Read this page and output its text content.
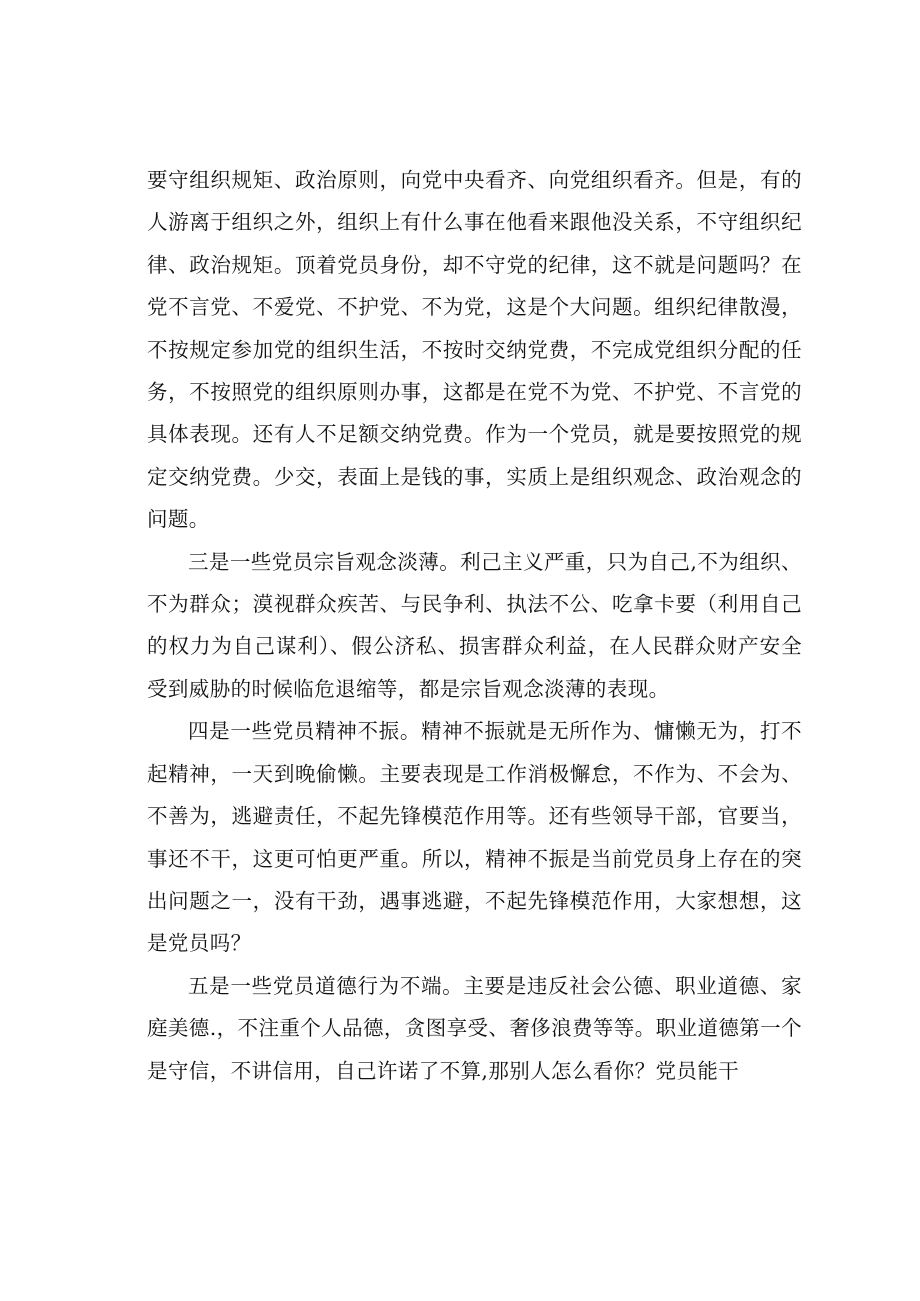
要守组织规矩、政治原则，向党中央看齐、向党组织看齐。但是，有的人游离于组织之外，组织上有什么事在他看来跟他没关系，不守组织纪律、政治规矩。顶着党员身份，却不守党的纪律，这不就是问题吗？在党不言党、不爱党、不护党、不为党，这是个大问题。组织纪律散漫，不按规定参加党的组织生活，不按时交纳党费，不完成党组织分配的任务，不按照党的组织原则办事，这都是在党不为党、不护党、不言党的具体表现。还有人不足额交纳党费。作为一个党员，就是要按照党的规定交纳党费。少交，表面上是钱的事，实质上是组织观念、政治观念的问题。

三是一些党员宗旨观念淡薄。利己主义严重，只为自己,不为组织、不为群众；漠视群众疾苦、与民争利、执法不公、吃拿卡要（利用自己的权力为自己谋利）、假公济私、损害群众利益，在人民群众财产安全受到威胁的时候临危退缩等，都是宗旨观念淡薄的表现。

四是一些党员精神不振。精神不振就是无所作为、慵懒无为，打不起精神，一天到晚偷懒。主要表现是工作消极懈怠，不作为、不会为、不善为，逃避责任，不起先锋模范作用等。还有些领导干部，官要当，事还不干，这更可怕更严重。所以，精神不振是当前党员身上存在的突出问题之一，没有干劲，遇事逃避，不起先锋模范作用，大家想想，这是党员吗？

五是一些党员道德行为不端。主要是违反社会公德、职业道德、家庭美德.，不注重个人品德，贪图享受、奢侈浪费等等。职业道德第一个是守信，不讲信用，自己许诺了不算,那别人怎么看你？党员能干
